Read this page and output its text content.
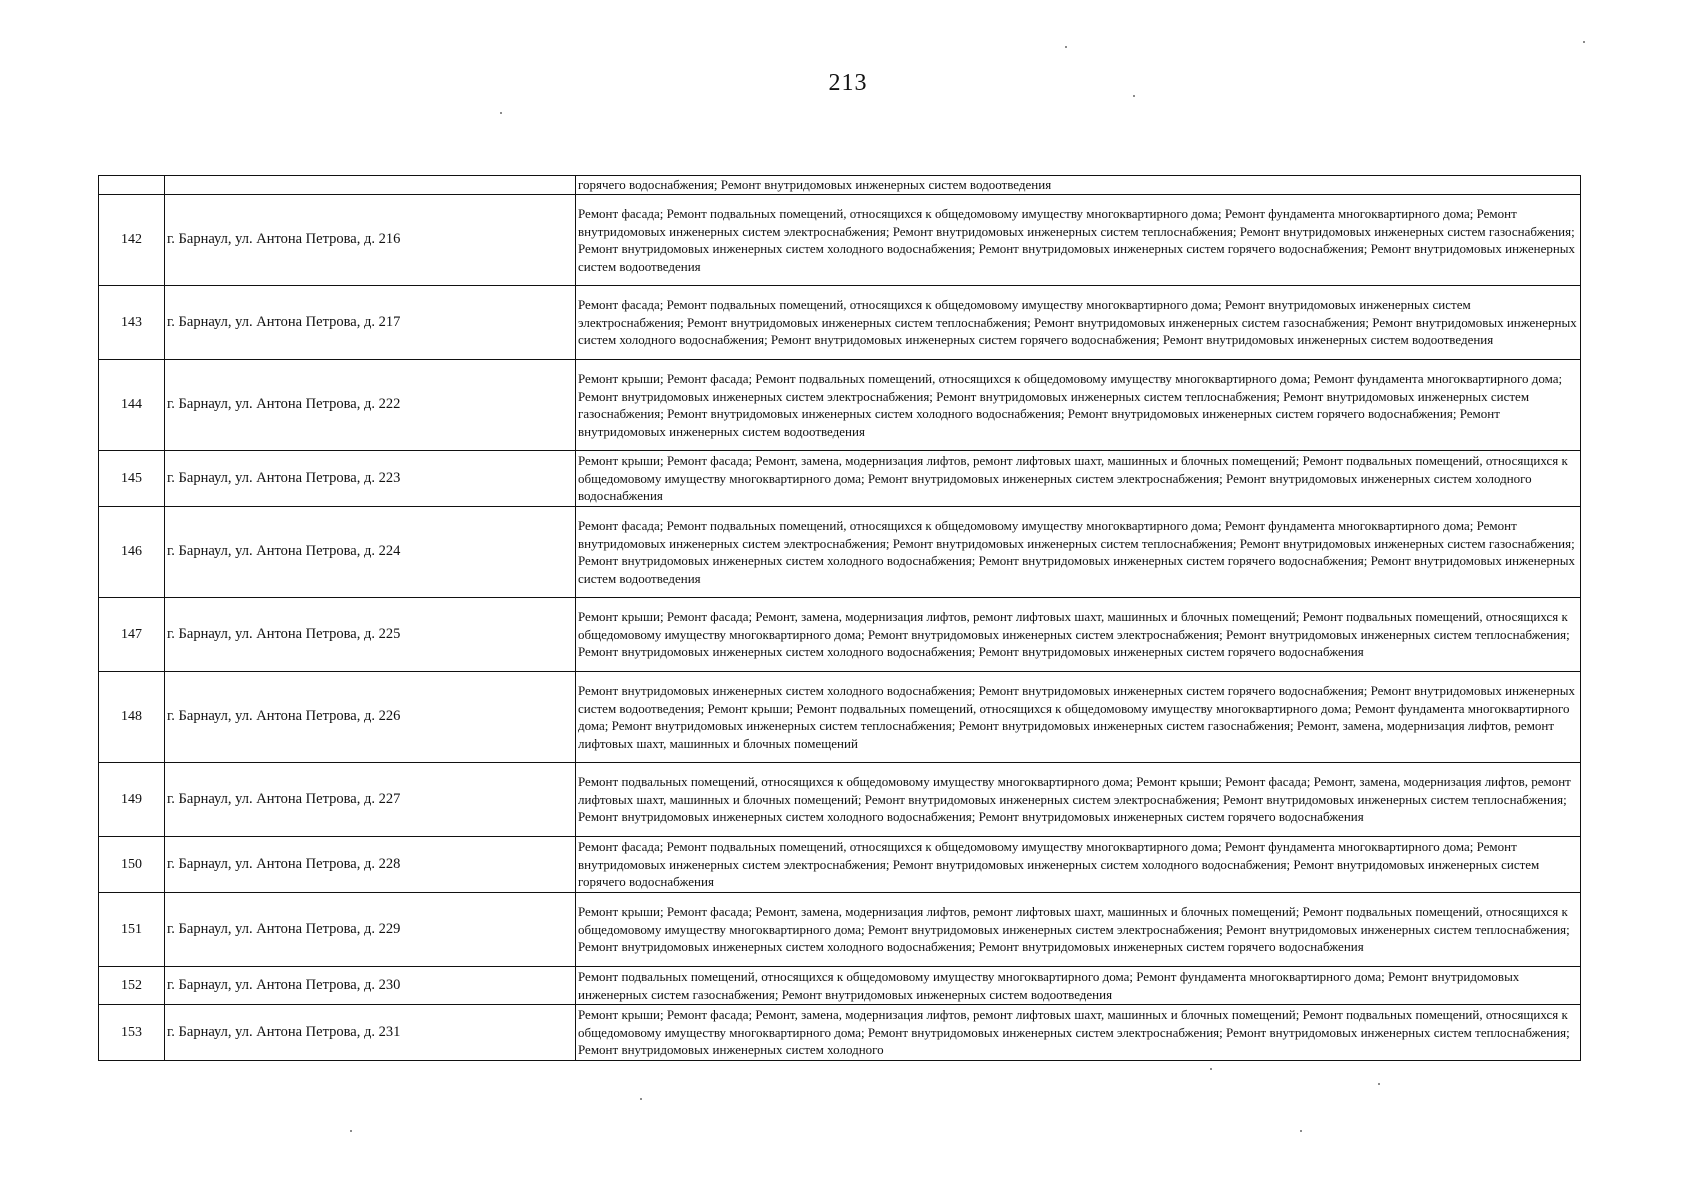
213
		горячего водоснабжения; Ремонт внутридомовых инженерных систем водоотведения
142	г. Барнаул, ул. Антона Петрова, д. 216	Ремонт фасада; Ремонт подвальных помещений, относящихся к общедомовому имуществу многоквартирного дома; Ремонт фундамента многоквартирного дома; Ремонт внутридомовых инженерных систем электроснабжения; Ремонт внутридомовых инженерных систем теплоснабжения; Ремонт внутридомовых инженерных систем газоснабжения; Ремонт внутридомовых инженерных систем холодного водоснабжения; Ремонт внутридомовых инженерных систем горячего водоснабжения; Ремонт внутридомовых инженерных систем водоотведения
143	г. Барнаул, ул. Антона Петрова, д. 217	Ремонт фасада; Ремонт подвальных помещений, относящихся к общедомовому имуществу многоквартирного дома; Ремонт внутридомовых инженерных систем электроснабжения; Ремонт внутридомовых инженерных систем теплоснабжения; Ремонт внутридомовых инженерных систем газоснабжения; Ремонт внутридомовых инженерных систем холодного водоснабжения; Ремонт внутридомовых инженерных систем горячего водоснабжения; Ремонт внутридомовых инженерных систем водоотведения
144	г. Барнаул, ул. Антона Петрова, д. 222	Ремонт крыши; Ремонт фасада; Ремонт подвальных помещений, относящихся к общедомовому имуществу многоквартирного дома; Ремонт фундамента многоквартирного дома; Ремонт внутридомовых инженерных систем электроснабжения; Ремонт внутридомовых инженерных систем теплоснабжения; Ремонт внутридомовых инженерных систем газоснабжения; Ремонт внутридомовых инженерных систем холодного водоснабжения; Ремонт внутридомовых инженерных систем горячего водоснабжения; Ремонт внутридомовых инженерных систем водоотведения
145	г. Барнаул, ул. Антона Петрова, д. 223	Ремонт крыши; Ремонт фасада; Ремонт, замена, модернизация лифтов, ремонт лифтовых шахт, машинных и блочных помещений; Ремонт подвальных помещений, относящихся к общедомовому имуществу многоквартирного дома; Ремонт внутридомовых инженерных систем электроснабжения; Ремонт внутридомовых инженерных систем холодного водоснабжения
146	г. Барнаул, ул. Антона Петрова, д. 224	Ремонт фасада; Ремонт подвальных помещений, относящихся к общедомовому имуществу многоквартирного дома; Ремонт фундамента многоквартирного дома; Ремонт внутридомовых инженерных систем электроснабжения; Ремонт внутридомовых инженерных систем теплоснабжения; Ремонт внутридомовых инженерных систем газоснабжения; Ремонт внутридомовых инженерных систем холодного водоснабжения; Ремонт внутридомовых инженерных систем горячего водоснабжения; Ремонт внутридомовых инженерных систем водоотведения
147	г. Барнаул, ул. Антона Петрова, д. 225	Ремонт крыши; Ремонт фасада; Ремонт, замена, модернизация лифтов, ремонт лифтовых шахт, машинных и блочных помещений; Ремонт подвальных помещений, относящихся к общедомовому имуществу многоквартирного дома; Ремонт внутридомовых инженерных систем электроснабжения; Ремонт внутридомовых инженерных систем теплоснабжения; Ремонт внутридомовых инженерных систем холодного водоснабжения; Ремонт внутридомовых инженерных систем горячего водоснабжения
148	г. Барнаул, ул. Антона Петрова, д. 226	Ремонт внутридомовых инженерных систем холодного водоснабжения; Ремонт внутридомовых инженерных систем горячего водоснабжения; Ремонт внутридомовых инженерных систем водоотведения; Ремонт крыши; Ремонт подвальных помещений, относящихся к общедомовому имуществу многоквартирного дома; Ремонт фундамента многоквартирного дома; Ремонт внутридомовых инженерных систем теплоснабжения; Ремонт внутридомовых инженерных систем газоснабжения; Ремонт, замена, модернизация лифтов, ремонт лифтовых шахт, машинных и блочных помещений
149	г. Барнаул, ул. Антона Петрова, д. 227	Ремонт подвальных помещений, относящихся к общедомовому имуществу многоквартирного дома; Ремонт крыши; Ремонт фасада; Ремонт, замена, модернизация лифтов, ремонт лифтовых шахт, машинных и блочных помещений; Ремонт внутридомовых инженерных систем электроснабжения; Ремонт внутридомовых инженерных систем теплоснабжения; Ремонт внутридомовых инженерных систем холодного водоснабжения; Ремонт внутридомовых инженерных систем горячего водоснабжения
150	г. Барнаул, ул. Антона Петрова, д. 228	Ремонт фасада; Ремонт подвальных помещений, относящихся к общедомовому имуществу многоквартирного дома; Ремонт фундамента многоквартирного дома; Ремонт внутридомовых инженерных систем электроснабжения; Ремонт внутридомовых инженерных систем холодного водоснабжения; Ремонт внутридомовых инженерных систем горячего водоснабжения
151	г. Барнаул, ул. Антона Петрова, д. 229	Ремонт крыши; Ремонт фасада; Ремонт, замена, модернизация лифтов, ремонт лифтовых шахт, машинных и блочных помещений; Ремонт подвальных помещений, относящихся к общедомовому имуществу многоквартирного дома; Ремонт внутридомовых инженерных систем электроснабжения; Ремонт внутридомовых инженерных систем теплоснабжения; Ремонт внутридомовых инженерных систем холодного водоснабжения; Ремонт внутридомовых инженерных систем горячего водоснабжения
152	г. Барнаул, ул. Антона Петрова, д. 230	Ремонт подвальных помещений, относящихся к общедомовому имуществу многоквартирного дома; Ремонт фундамента многоквартирного дома; Ремонт внутридомовых инженерных систем газоснабжения; Ремонт внутридомовых инженерных систем водоотведения
153	г. Барнаул, ул. Антона Петрова, д. 231	Ремонт крыши; Ремонт фасада; Ремонт, замена, модернизация лифтов, ремонт лифтовых шахт, машинных и блочных помещений; Ремонт подвальных помещений, относящихся к общедомовому имуществу многоквартирного дома; Ремонт внутридомовых инженерных систем электроснабжения; Ремонт внутридомовых инженерных систем теплоснабжения; Ремонт внутридомовых инженерных систем холодного
